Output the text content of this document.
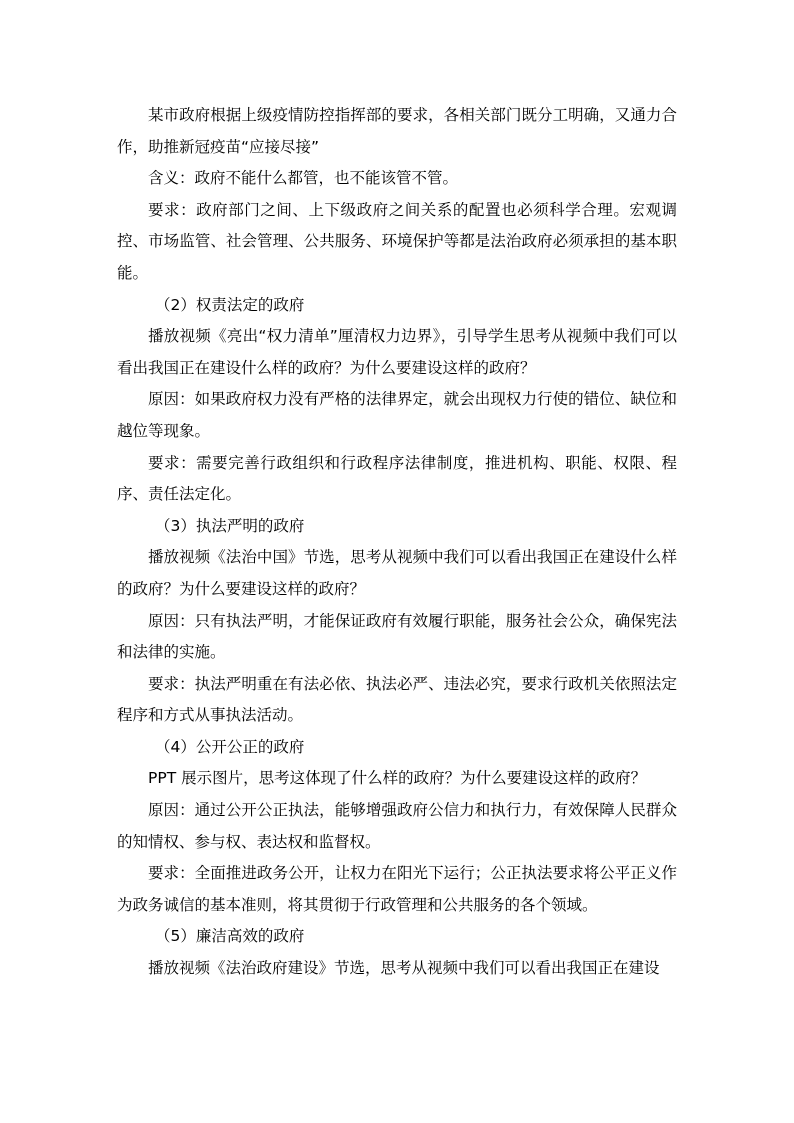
某市政府根据上级疫情防控指挥部的要求，各相关部门既分工明确，又通力合作，助推新冠疫苗“应接尽接”

含义：政府不能什么都管，也不能该管不管。

要求：政府部门之间、上下级政府之间关系的配置也必须科学合理。宏观调控、市场监管、社会管理、公共服务、环境保护等都是法治政府必须承担的基本职能。

（2）权责法定的政府

播放视频《亮出“权力清单”厘清权力边界》，引导学生思考从视频中我们可以看出我国正在建设什么样的政府？为什么要建设这样的政府？

原因：如果政府权力没有严格的法律界定，就会出现权力行使的错位、缺位和越位等现象。

要求：需要完善行政组织和行政程序法律制度，推进机构、职能、权限、程序、责任法定化。

（3）执法严明的政府

播放视频《法治中国》节选，思考从视频中我们可以看出我国正在建设什么样的政府？为什么要建设这样的政府？

原因：只有执法严明，才能保证政府有效履行职能，服务社会公众，确保宪法和法律的实施。

要求：执法严明重在有法必依、执法必严、违法必究，要求行政机关依照法定程序和方式从事执法活动。

（4）公开公正的政府

PPT 展示图片，思考这体现了什么样的政府？为什么要建设这样的政府？

原因：通过公开公正执法，能够增强政府公信力和执行力，有效保障人民群众的知情权、参与权、表达权和监督权。

要求：全面推进政务公开，让权力在阳光下运行；公正执法要求将公平正义作为政务诚信的基本准则，将其贯彻于行政管理和公共服务的各个领域。

（5）廉洁高效的政府

播放视频《法治政府建设》节选，思考从视频中我们可以看出我国正在建设
